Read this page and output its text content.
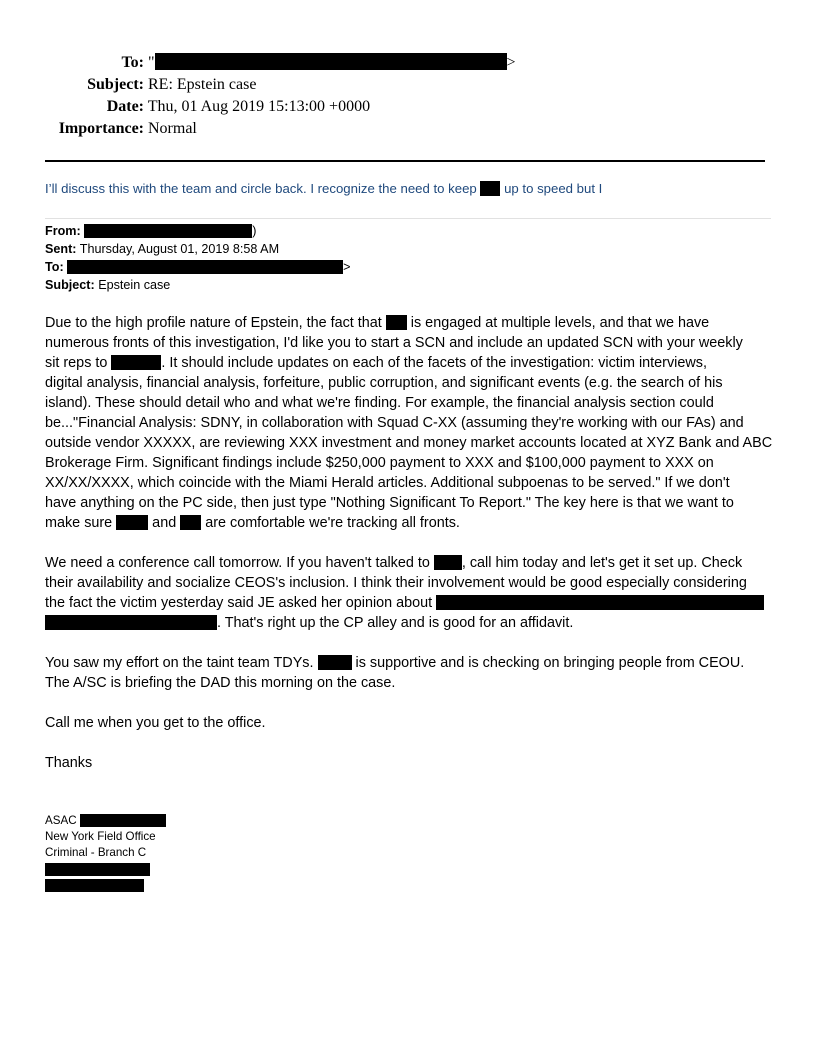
To: "	>
Subject: RE: Epstein case
Date: Thu, 01 Aug 2019 15:13:00 +0000
Importance: Normal
I’ll discuss this with the team and circle back. I recognize the need to keep  up to speed but I
From:	)
Sent: Thursday, August 01, 2019 8:58 AM
To:	>
Subject: Epstein case
Due to the high profile nature of Epstein, the fact that  is engaged at multiple levels, and that we have
numerous fronts of this investigation, I'd like you to start a SCN and include an updated SCN with your weekly
sit reps to	. It should include updates on each of the facets of the investigation: victim interviews,
digital analysis, financial analysis, forfeiture, public corruption, and significant events (e.g. the search of his
island). These should detail who and what we're finding. For example, the financial analysis section could
be..."Financial Analysis: SDNY, in collaboration with Squad C-XX (assuming they're working with our FAs) and
outside vendor XXXXX, are reviewing XXX investment and money market accounts located at XYZ Bank and ABC
Brokerage Firm. Significant findings include $250,000 payment to XXX and $100,000 payment to XXX on
XX/XX/XXXX, which coincide with the Miami Herald articles. Additional subpoenas to be served." If we don't
have anything on the PC side, then just type "Nothing Significant To Report." The key here is that we want to
make sure  and  are comfortable we're tracking all fronts.
We need a conference call tomorrow. If you haven't talked to , call him today and let's get it set up. Check
their availability and socialize CEOS's inclusion. I think their involvement would be good especially considering
the fact the victim yesterday said JE asked her opinion about
. That's right up the CP alley and is good for an affidavit.
You saw my effort on the taint team TDYs.  is supportive and is checking on bringing people from CEOU.
The A/SC is briefing the DAD this morning on the case.
Call me when you get to the office.
Thanks
ASAC
New York Field Office
Criminal - Branch C
